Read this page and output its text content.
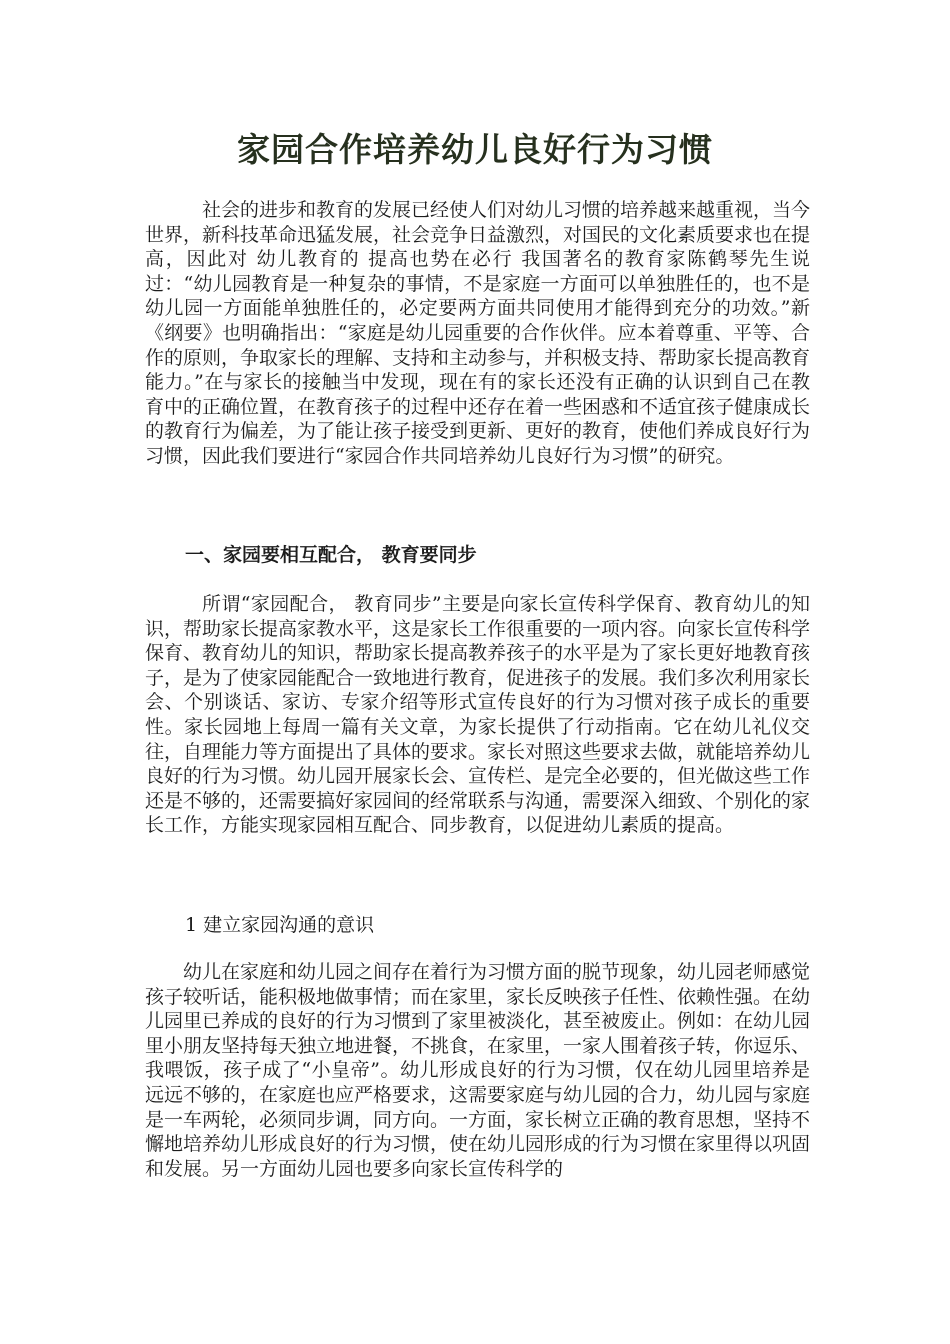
家园合作培养幼儿良好行为习惯
社会的进步和教育的发展已经使人们对幼儿习惯的培养越来越重视，当今世界，新科技革命迅猛发展，社会竞争日益激烈，对国民的文化素质要求也在提高，因此对 幼儿教育的 提高也势在必行 我国著名的教育家陈鹤琴先生说过：“幼儿园教育是一种复杂的事情，不是家庭一方面可以单独胜任的，也不是幼儿园一方面能单独胜任的，必定要两方面共同使用才能得到充分的功效。”新《纲要》也明确指出：“家庭是幼儿园重要的合作伙伴。应本着尊重、平等、合作的原则，争取家长的理解、支持和主动参与，并积极支持、帮助家长提高教育能力。”在与家长的接触当中发现，现在有的家长还没有正确的认识到自己在教育中的正确位置，在教育孩子的过程中还存在着一些困惑和不适宜孩子健康成长的教育行为偏差，为了能让孩子接受到更新、更好的教育，使他们养成良好行为习惯，因此我们要进行“家园合作共同培养幼儿良好行为习惯”的研究。
一、家园要相互配合， 教育要同步
所谓“家园配合， 教育同步”主要是向家长宣传科学保育、教育幼儿的知识，帮助家长提高家教水平，这是家长工作很重要的一项内容。向家长宣传科学保育、教育幼儿的知识，帮助家长提高教养孩子的水平是为了家长更好地教育孩子，是为了使家园能配合一致地进行教育，促进孩子的发展。我们多次利用家长会、个别谈话、家访、专家介绍等形式宣传良好的行为习惯对孩子成长的重要性。家长园地上每周一篇有关文章，为家长提供了行动指南。它在幼儿礼仪交往，自理能力等方面提出了具体的要求。家长对照这些要求去做，就能培养幼儿良好的行为习惯。幼儿园开展家长会、宣传栏、是完全必要的，但光做这些工作还是不够的，还需要搞好家园间的经常联系与沟通，需要深入细致、个别化的家长工作，方能实现家园相互配合、同步教育，以促进幼儿素质的提高。
1 建立家园沟通的意识
幼儿在家庭和幼儿园之间存在着行为习惯方面的脱节现象，幼儿园老师感觉孩子较听话，能积极地做事情；而在家里，家长反映孩子任性、依赖性强。在幼儿园里已养成的良好的行为习惯到了家里被淡化，甚至被废止。例如：在幼儿园里小朋友坚持每天独立地进餐，不挑食，在家里，一家人围着孩子转，你逗乐、我喂饭，孩子成了“小皇帝”。幼儿形成良好的行为习惯，仅在幼儿园里培养是远远不够的，在家庭也应严格要求，这需要家庭与幼儿园的合力，幼儿园与家庭是一车两轮，必须同步调，同方向。一方面，家长树立正确的教育思想，坚持不懈地培养幼儿形成良好的行为习惯，使在幼儿园形成的行为习惯在家里得以巩固和发展。另一方面幼儿园也要多向家长宣传科学的
